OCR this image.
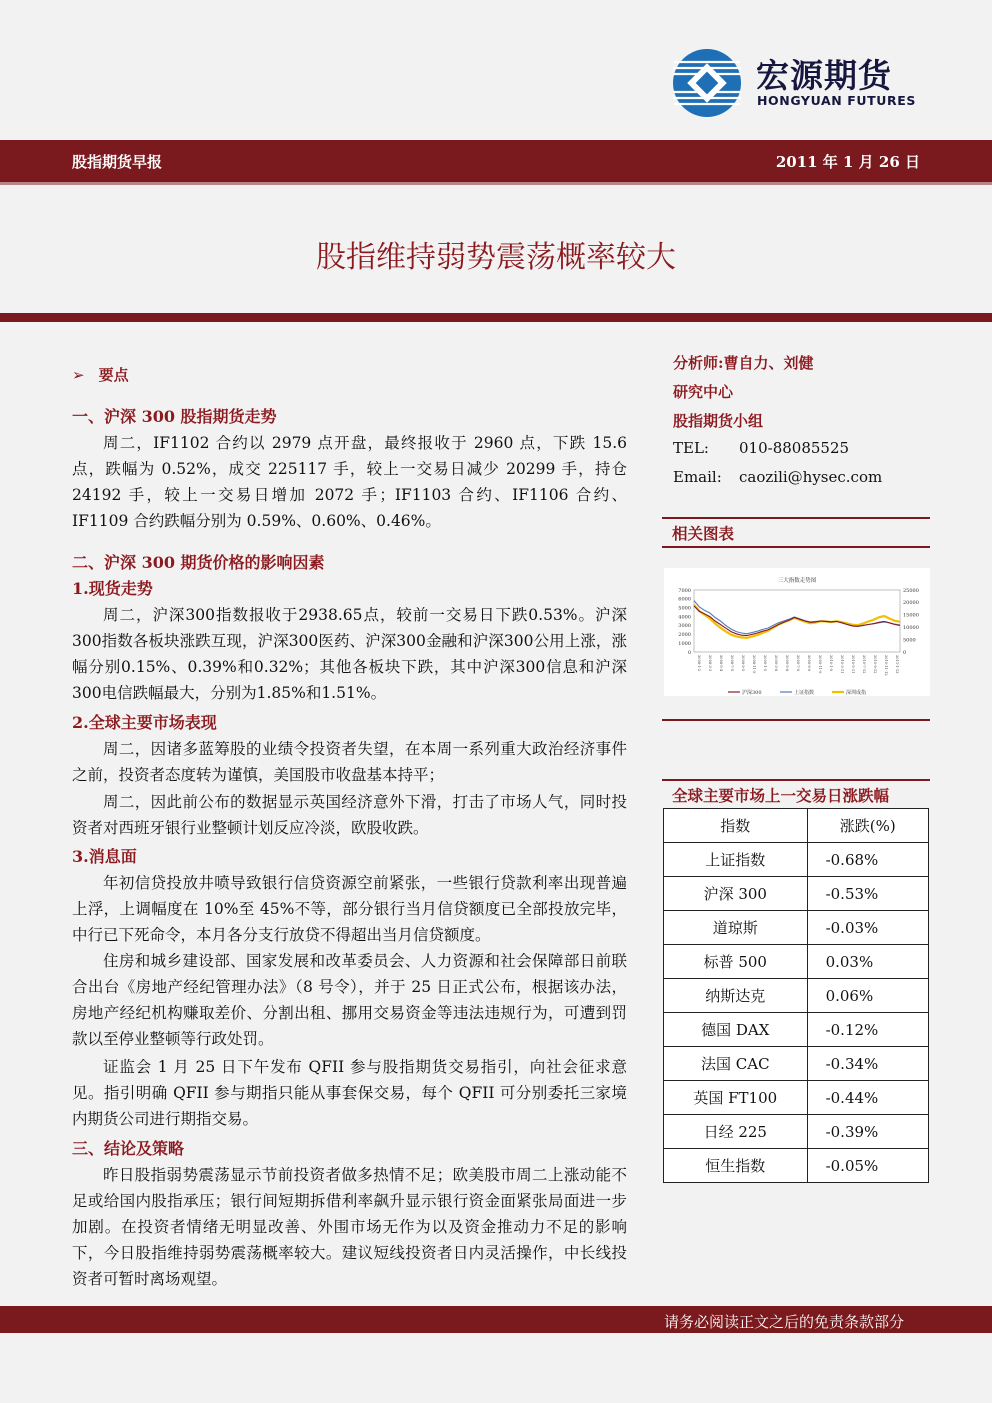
宏源期货
HONGYUAN FUTURES
股指期货早报	2011 年 1 月 26 日
股指维持弱势震荡概率较大
➢ 要点
一、沪深 300 股指期货走势

周二，IF1102 合约以 2979 点开盘，最终报收于 2960 点，下跌 15.6 点，跌幅为 0.52%，成交 225117 手，较上一交易日减少 20299 手，持仓 24192 手，较上一交易日增加 2072 手；IF1103 合约、IF1106 合约、IF1109 合约跌幅分别为 0.59%、0.60%、0.46%。

二、沪深 300 期货价格的影响因素
1.现货走势

周二，沪深300指数报收于2938.65点，较前一交易日下跌0.53%。沪深300指数各板块涨跌互现，沪深300医药、沪深300金融和沪深300公用上涨，涨幅分别0.15%、0.39%和0.32%；其他各板块下跌，其中沪深300信息和沪深300电信跌幅最大，分别为1.85%和1.51%。

2.全球主要市场表现

周二，因诸多蓝筹股的业绩令投资者失望，在本周一系列重大政治经济事件之前，投资者态度转为谨慎，美国股市收盘基本持平；

周二，因此前公布的数据显示英国经济意外下滑，打击了市场人气，同时投资者对西班牙银行业整顿计划反应冷淡，欧股收跌。

3.消息面

年初信贷投放井喷导致银行信贷资源空前紧张，一些银行贷款利率出现普遍上浮，上调幅度在 10%至 45%不等，部分银行当月信贷额度已全部投放完毕，中行已下死命令，本月各分支行放贷不得超出当月信贷额度。

住房和城乡建设部、国家发展和改革委员会、人力资源和社会保障部日前联合出台《房地产经纪管理办法》（8 号令），并于 25 日正式公布，根据该办法，房地产经纪机构赚取差价、分割出租、挪用交易资金等违法违规行为，可遭到罚款以至停业整顿等行政处罚。

证监会 1 月 25 日下午发布 QFII 参与股指期货交易指引，向社会征求意见。指引明确 QFII 参与期指只能从事套保交易，每个 QFII 可分别委托三家境内期货公司进行期指交易。

三、结论及策略

昨日股指弱势震荡显示节前投资者做多热情不足；欧美股市周二上涨动能不足或给国内股指承压；银行间短期拆借利率飙升显示银行资金面紧张局面进一步加剧。在投资者情绪无明显改善、外围市场无作为以及资金推动力不足的影响下，今日股指维持弱势震荡概率较大。建议短线投资者日内灵活操作，中长线投资者可暂时离场观望。

分析师:曹自力、刘健
研究中心
股指期货小组
TEL: 010-88085525
Email: caozili@hysec.com
相关图表
三大指数走势图
7000
6000
5000
4000
3000
2000
1000
0
25000
20000
15000
10000
5000
0
2008-1-2 2008-3-3 2008-5-4 2008-7-5 2008-9-5 2008-11-5 2009-1-5 2009-3-8 2009-5-8 2009-7-9 2009-9-9 2009-11-9 2010-1-9 2010-3-11 2010-5-11 2010-7-12 2010-9-12 2010-11-12 2011-1-13
沪深300	上证指数	深圳成指
全球主要市场上一交易日涨跌幅
指数	涨跌(%)
上证指数	-0.68%
沪深 300	-0.53%
道琼斯	-0.03%
标普 500	0.03%
纳斯达克	0.06%
德国 DAX	-0.12%
法国 CAC	-0.34%
英国 FT100	-0.44%
日经 225	-0.39%
恒生指数	-0.05%
请务必阅读正文之后的免责条款部分
